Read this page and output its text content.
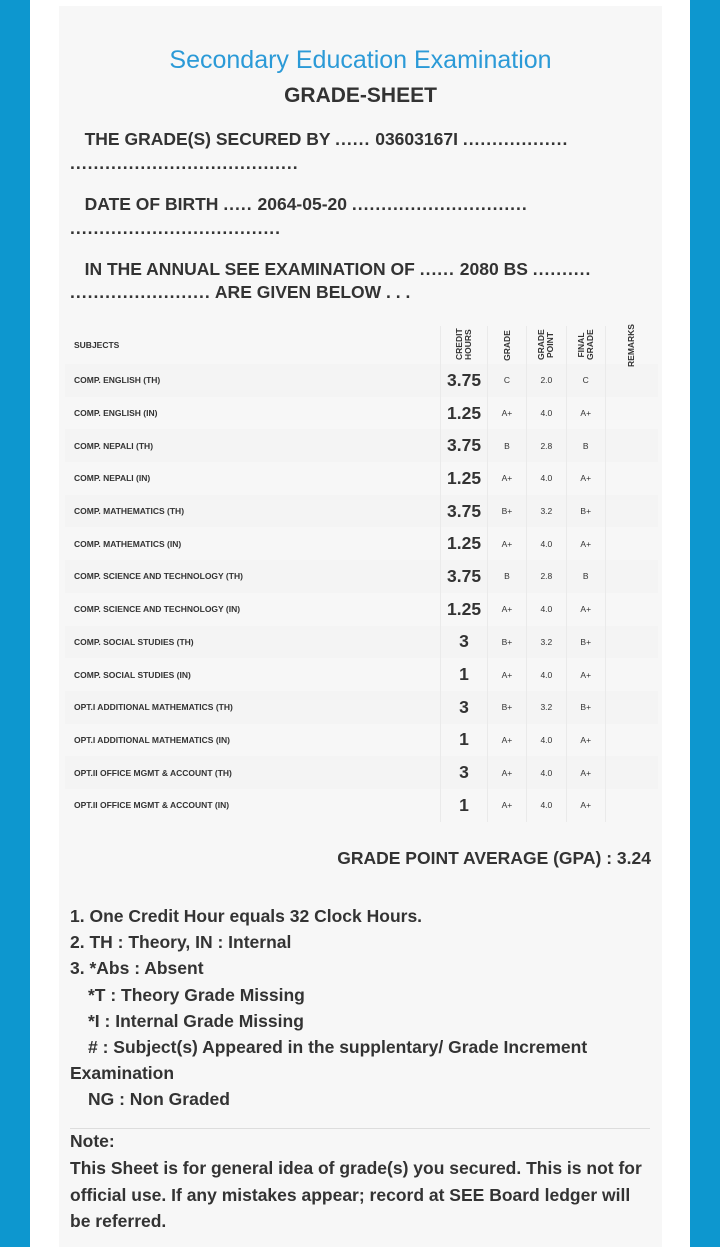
Secondary Education Examination
GRADE-SHEET
THE GRADE(S) SECURED BY ...... 03603167I ..................
.......................................
DATE OF BIRTH ..... 2064-05-20 ..............................
....................................
IN THE ANNUAL SEE EXAMINATION OF ...... 2080 BS ..........
........................ ARE GIVEN BELOW . . .
SUBJECTS	CREDIT HOURS	GRADE	GRADE POINT	FINAL GRADE	REMARKS
COMP. ENGLISH (TH)	3.75	C	2.0	C	
COMP. ENGLISH (IN)	1.25	A+	4.0	A+	
COMP. NEPALI (TH)	3.75	B	2.8	B	
COMP. NEPALI (IN)	1.25	A+	4.0	A+	
COMP. MATHEMATICS (TH)	3.75	B+	3.2	B+	
COMP. MATHEMATICS (IN)	1.25	A+	4.0	A+	
COMP. SCIENCE AND TECHNOLOGY (TH)	3.75	B	2.8	B	
COMP. SCIENCE AND TECHNOLOGY (IN)	1.25	A+	4.0	A+	
COMP. SOCIAL STUDIES (TH)	3	B+	3.2	B+	
COMP. SOCIAL STUDIES (IN)	1	A+	4.0	A+	
OPT.I ADDITIONAL MATHEMATICS (TH)	3	B+	3.2	B+	
OPT.I ADDITIONAL MATHEMATICS (IN)	1	A+	4.0	A+	
OPT.II OFFICE MGMT & ACCOUNT (TH)	3	A+	4.0	A+	
OPT.II OFFICE MGMT & ACCOUNT (IN)	1	A+	4.0	A+	
GRADE POINT AVERAGE (GPA) : 3.24
1. One Credit Hour equals 32 Clock Hours.
2. TH : Theory, IN : Internal
3. *Abs : Absent
*T : Theory Grade Missing
*I : Internal Grade Missing
# : Subject(s) Appeared in the supplentary/ Grade Increment
Examination
NG : Non Graded
Note:
This Sheet is for general idea of grade(s) you secured. This is not for official use. If any mistakes appear; record at SEE Board ledger will be referred.
